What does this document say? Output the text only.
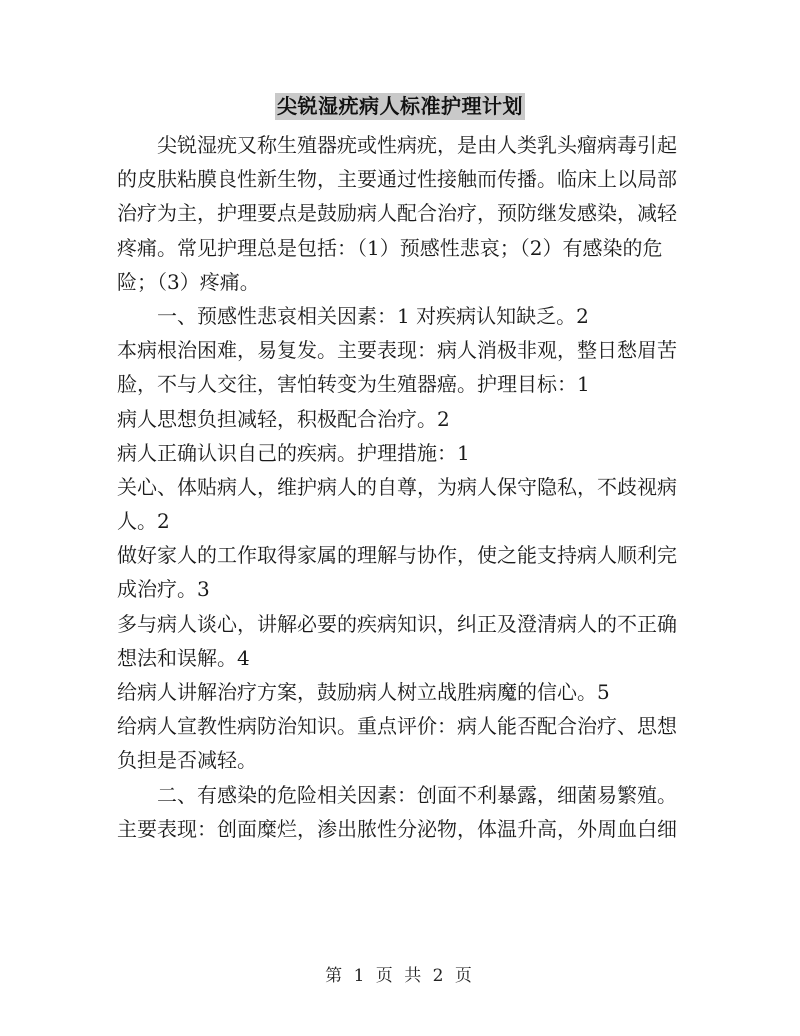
尖锐湿疣病人标准护理计划
尖锐湿疣又称生殖器疣或性病疣，是由人类乳头瘤病毒引起
的皮肤粘膜良性新生物，主要通过性接触而传播。临床上以局部
治疗为主，护理要点是鼓励病人配合治疗，预防继发感染，减轻
疼痛。常见护理总是包括：（1）预感性悲哀；（2）有感染的危
险；（3）疼痛。
一、预感性悲哀相关因素：1 对疾病认知缺乏。2
本病根治困难，易复发。主要表现：病人消极非观，整日愁眉苦
脸，不与人交往，害怕转变为生殖器癌。护理目标：1
病人思想负担减轻，积极配合治疗。2
病人正确认识自己的疾病。护理措施：1
关心、体贴病人，维护病人的自尊，为病人保守隐私，不歧视病
人。2
做好家人的工作取得家属的理解与协作，使之能支持病人顺利完
成治疗。3
多与病人谈心，讲解必要的疾病知识，纠正及澄清病人的不正确
想法和误解。4
给病人讲解治疗方案，鼓励病人树立战胜病魔的信心。5
给病人宣教性病防治知识。重点评价：病人能否配合治疗、思想
负担是否减轻。
二、有感染的危险相关因素：创面不利暴露，细菌易繁殖。
主要表现：创面糜烂，渗出脓性分泌物，体温升高，外周血白细
第 1 页 共 2 页
